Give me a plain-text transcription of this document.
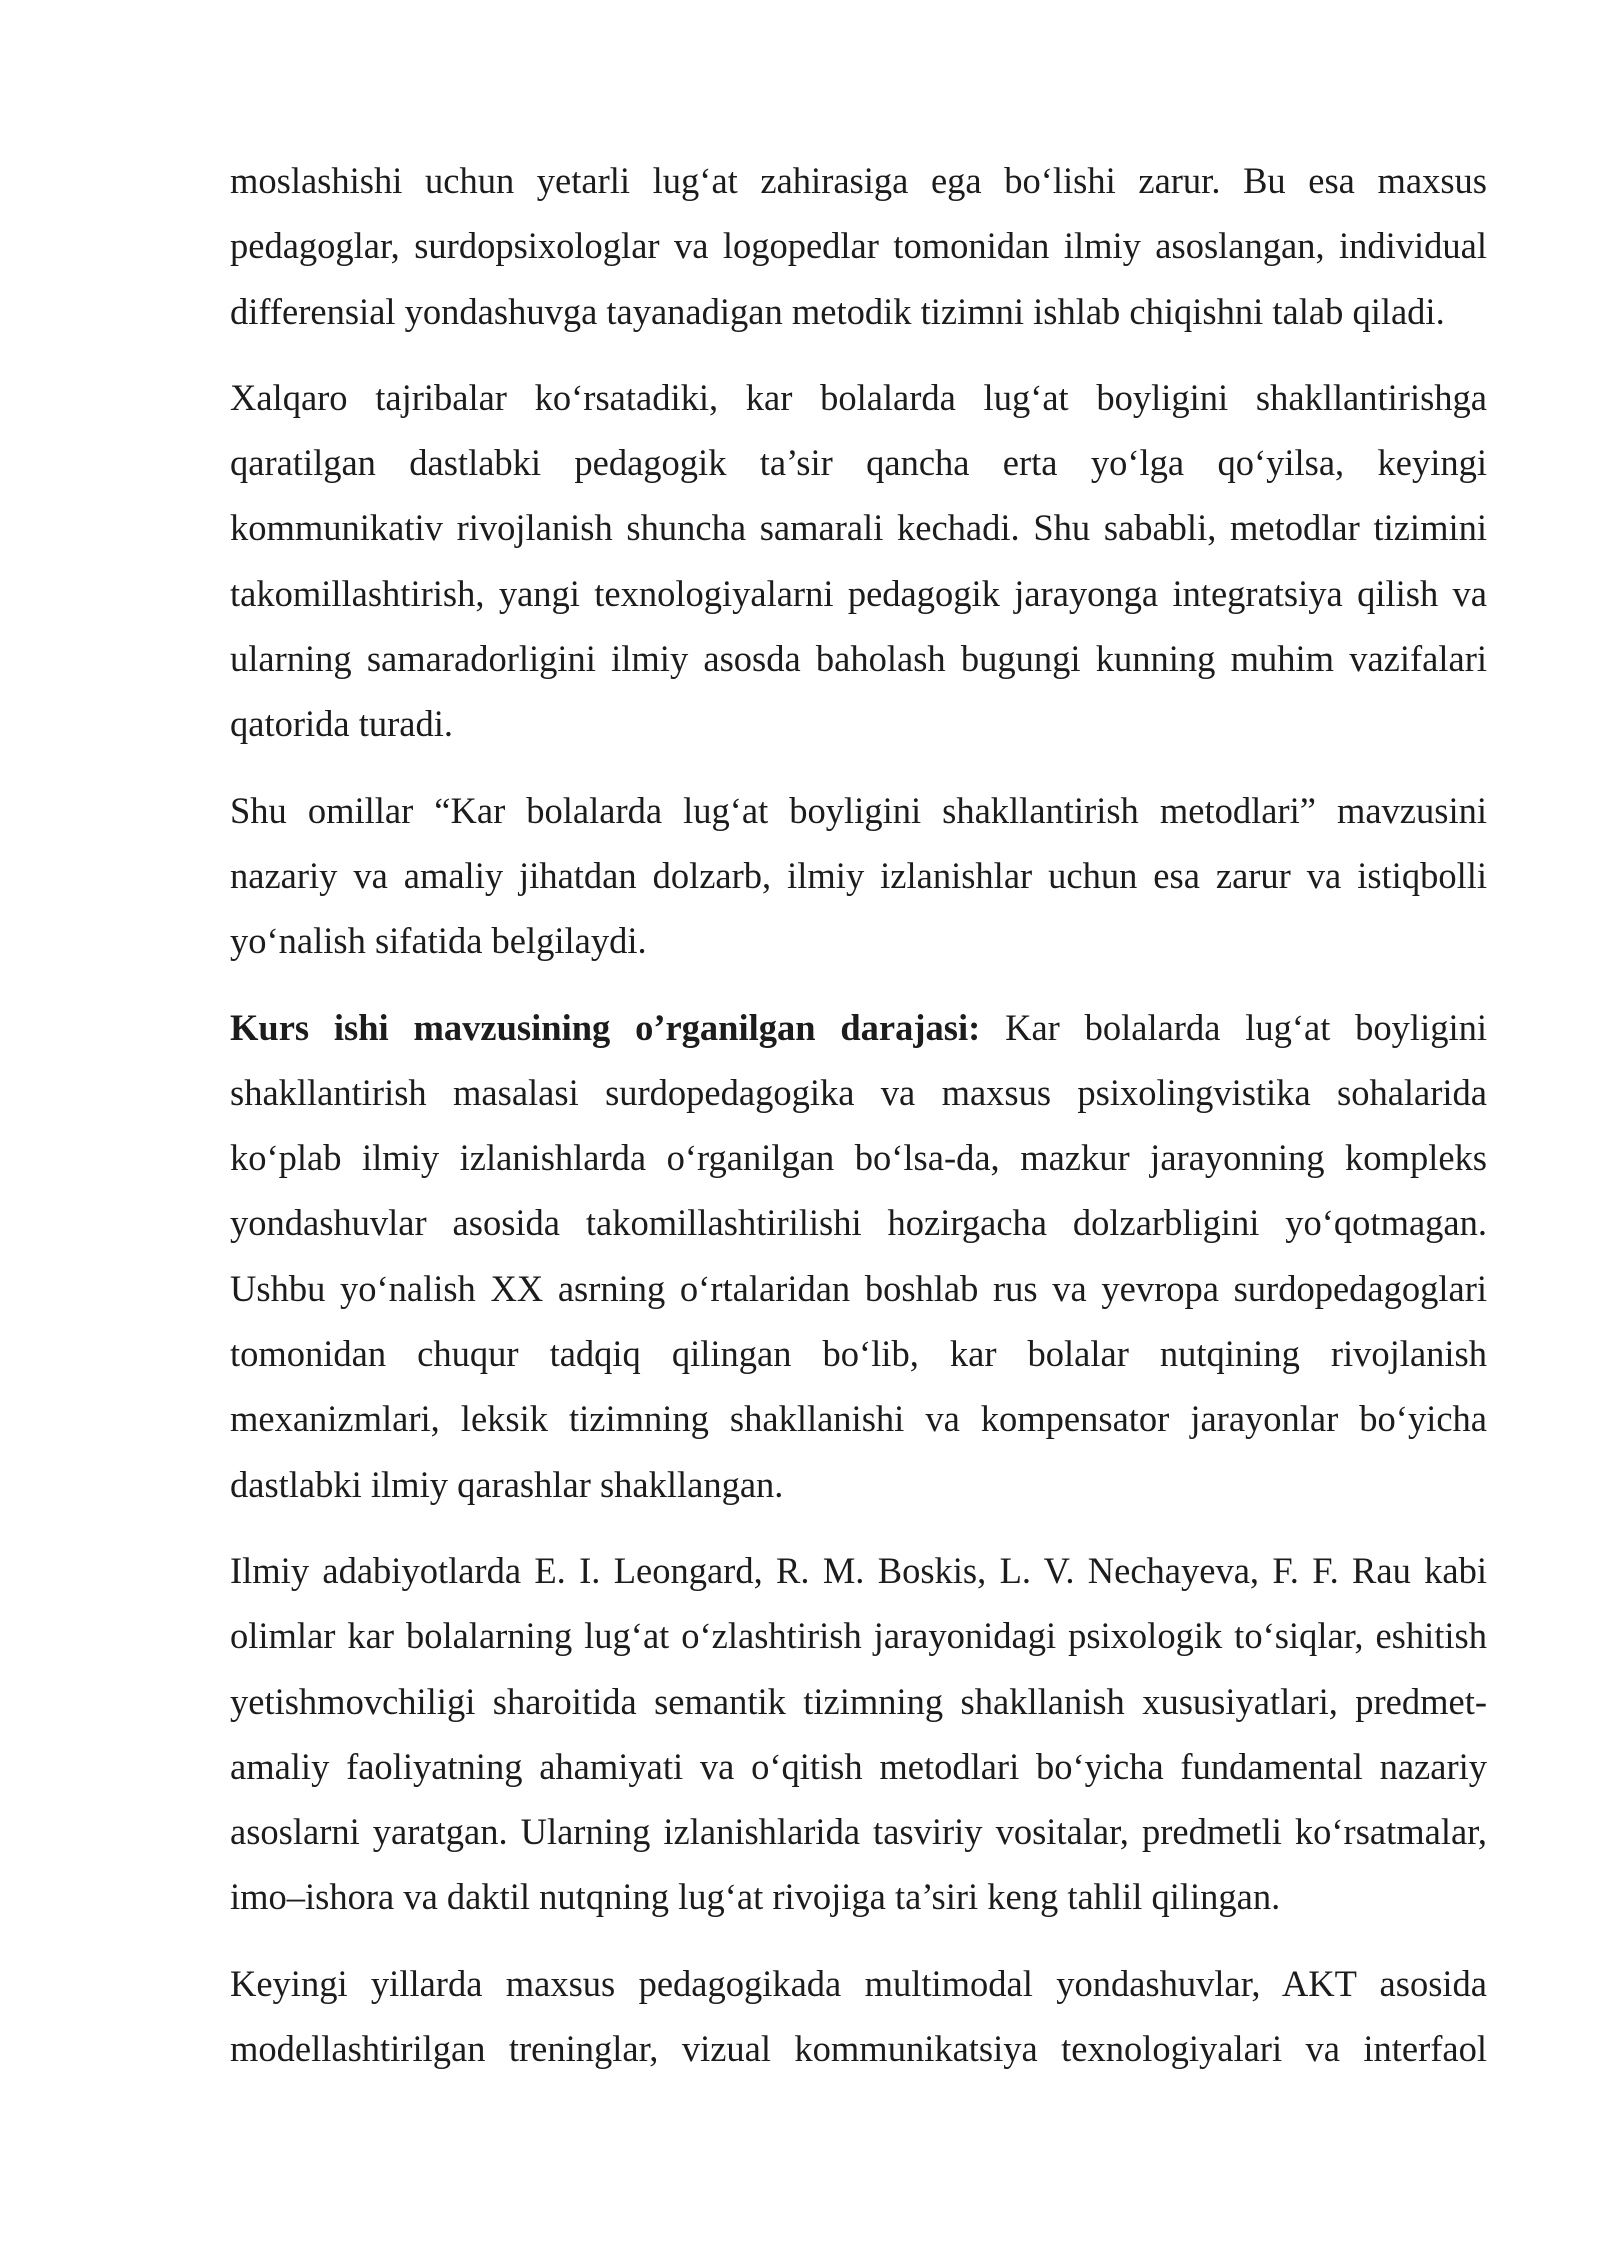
moslashishi uchun yetarli lug‘at zahirasiga ega bo‘lishi zarur. Bu esa maxsus pedagoglar, surdopsixologlar va logopedlar tomonidan ilmiy asoslangan, individual differensial yondashuvga tayanadigan metodik tizimni ishlab chiqishni talab qiladi.

Xalqaro tajribalar ko‘rsatadiki, kar bolalarda lug‘at boyligini shakllantirishga qaratilgan dastlabki pedagogik ta’sir qancha erta yo‘lga qo‘yilsa, keyingi kommunikativ rivojlanish shuncha samarali kechadi. Shu sababli, metodlar tizimini takomillashtirish, yangi texnologiyalarni pedagogik jarayonga integratsiya qilish va ularning samaradorligini ilmiy asosda baholash bugungi kunning muhim vazifalari qatorida turadi.

Shu omillar “Kar bolalarda lug‘at boyligini shakllantirish metodlari” mavzusini nazariy va amaliy jihatdan dolzarb, ilmiy izlanishlar uchun esa zarur va istiqbolli yo‘nalish sifatida belgilaydi.

Kurs ishi mavzusining o’rganilgan darajasi: Kar bolalarda lug‘at boyligini shakllantirish masalasi surdopedagogika va maxsus psixolingvistika sohalarida ko‘plab ilmiy izlanishlarda o‘rganilgan bo‘lsa-da, mazkur jarayonning kompleks yondashuvlar asosida takomillashtirilishi hozirgacha dolzarbligini yo‘qotmagan. Ushbu yo‘nalish XX asrning o‘rtalaridan boshlab rus va yevropa surdopedagoglari tomonidan chuqur tadqiq qilingan bo‘lib, kar bolalar nutqining rivojlanish mexanizmlari, leksik tizimning shakllanishi va kompensator jarayonlar bo‘yicha dastlabki ilmiy qarashlar shakllangan.

Ilmiy adabiyotlarda E. I. Leongard, R. M. Boskis, L. V. Nechayeva, F. F. Rau kabi olimlar kar bolalarning lug‘at o‘zlashtirish jarayonidagi psixologik to‘siqlar, eshitish yetishmovchiligi sharoitida semantik tizimning shakllanish xususiyatlari, predmet-amaliy faoliyatning ahamiyati va o‘qitish metodlari bo‘yicha fundamental nazariy asoslarni yaratgan. Ularning izlanishlarida tasviriy vositalar, predmetli ko‘rsatmalar, imo–ishora va daktil nutqning lug‘at rivojiga ta’siri keng tahlil qilingan.

Keyingi yillarda maxsus pedagogikada multimodal yondashuvlar, AKT asosida modellashtirilgan treninglar, vizual kommunikatsiya texnologiyalari va interfaol
